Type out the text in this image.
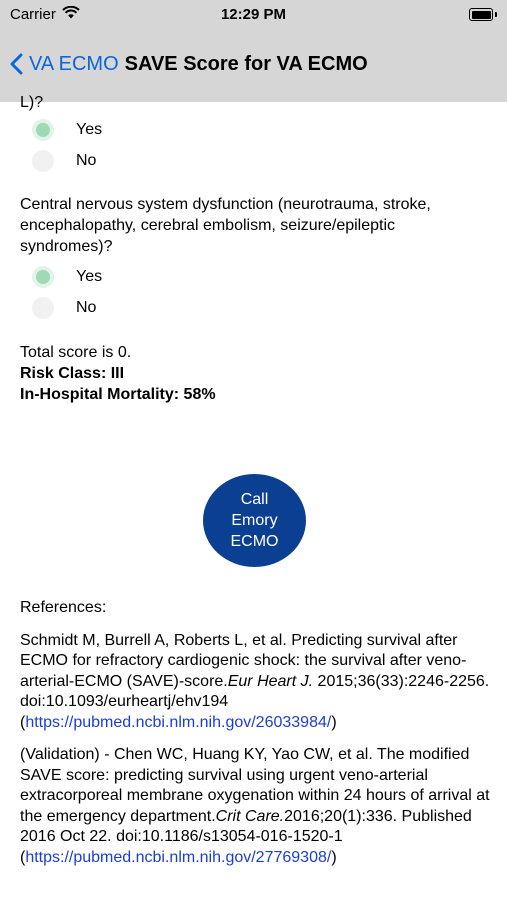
Carrier	12:29 PM
VA ECMO SAVE Score for VA ECMO
L)?
Yes
No
Central nervous system dysfunction (neurotrauma, stroke, encephalopathy, cerebral embolism, seizure/epileptic syndromes)?
Yes
No
Total score is 0.
Risk Class: III
In-Hospital Mortality: 58%
Call
Emory
ECMO

References:

Schmidt M, Burrell A, Roberts L, et al. Predicting survival after ECMO for refractory cardiogenic shock: the survival after veno-arterial-ECMO (SAVE)-score.Eur Heart J. 2015;36(33):2246-2256. doi:10.1093/eurheartj/ehv194 (https://pubmed.ncbi.nlm.nih.gov/26033984/)

(Validation) - Chen WC, Huang KY, Yao CW, et al. The modified SAVE score: predicting survival using urgent veno-arterial extracorporeal membrane oxygenation within 24 hours of arrival at the emergency department.Crit Care.2016;20(1):336. Published 2016 Oct 22. doi:10.1186/s13054-016-1520-1 (https://pubmed.ncbi.nlm.nih.gov/27769308/)
